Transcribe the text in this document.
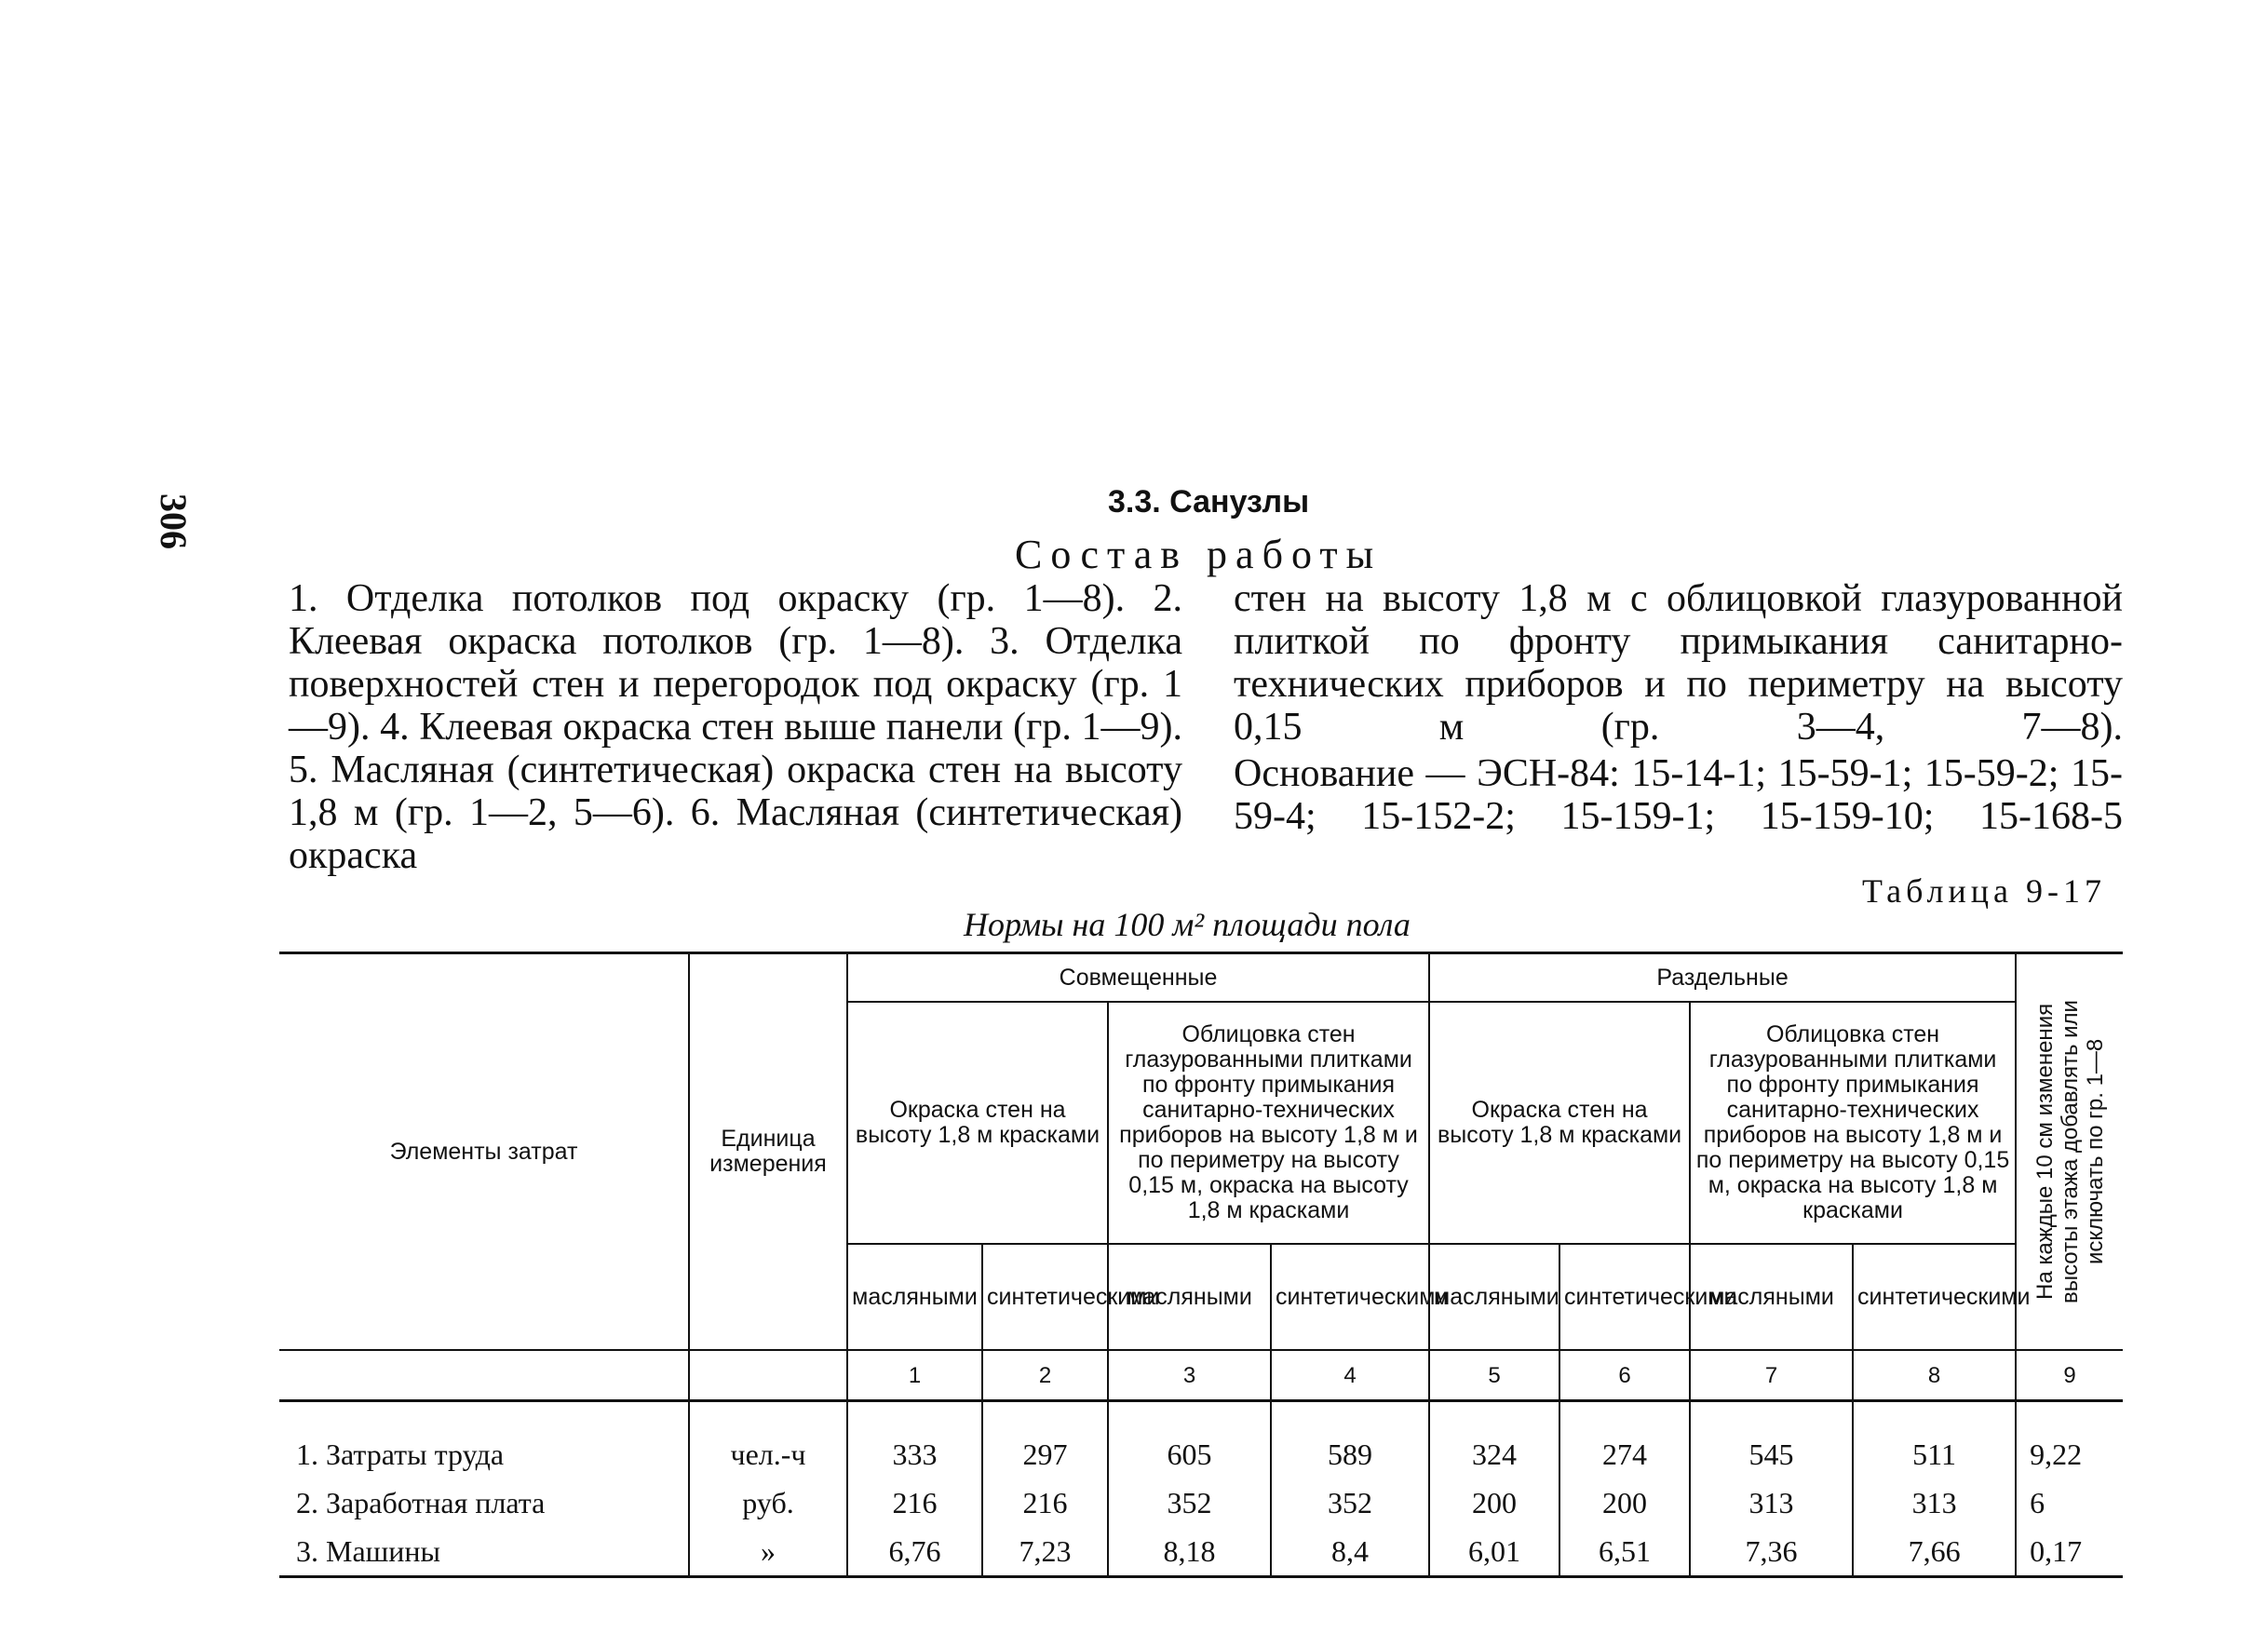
306	3.3. Санузлы
Состав работы
1. Отделка потолков под окраску (гр. 1—8). 2. Клеевая окраска потолков (гр. 1—8). 3. Отделка поверхностей стен и перегородок под окраску (гр. 1—9). 4. Клеевая окраска стен выше панели (гр. 1—9). 5. Масляная (синтетическая) окраска стен на высоту 1,8 м (гр. 1—2, 5—6). 6. Масляная (синтетическая) окраска

стен на высоту 1,8 м с облицовкой глазурованной плиткой по фронту примыкания санитарно-технических приборов и по периметру на высоту 0,15 м (гр. 3—4, 7—8).

Основание — ЭСН-84: 15-14-1; 15-59-1; 15-59-2; 15-59-4; 15-152-2; 15-159-1; 15-159-10; 15-168-5

Таблица 9-17
Нормы на 100 м² площади пола
Элементы затрат	Единица измерения	Совмещенные				Раздельные				На каждые 10 см изменения высоты этажа добавлять или исключать по гр. 1—8

		Окраска стен на высоту 1,8 м красками		Облицовка стен глазурованными плитками по фронту примыкания санитарно-технических приборов на высоту 1,8 м и по периметру на высоту 0,15 м, окраска на высоту 1,8 м красками		Окраска стен на высоту 1,8 м красками		Облицовка стен глазурованными плитками по фронту примыкания санитарно-технических приборов на высоту 1,8 м и по периметру на высоту 0,15 м, окраска на высоту 1,8 м красками		
		масляными	синтетическими	масляными	синтетическими	масляными	синтетическими	масляными	синтетическими	
		1	2	3	4	5	6	7	8	9
1. Затраты труда	чел.-ч	333	297	605	589	324	274	545	511	9,22
2. Заработная плата	руб.	216	216	352	352	200	200	313	313	6
3. Машины	»	6,76	7,23	8,18	8,4	6,01	6,51	7,36	7,66	0,17
